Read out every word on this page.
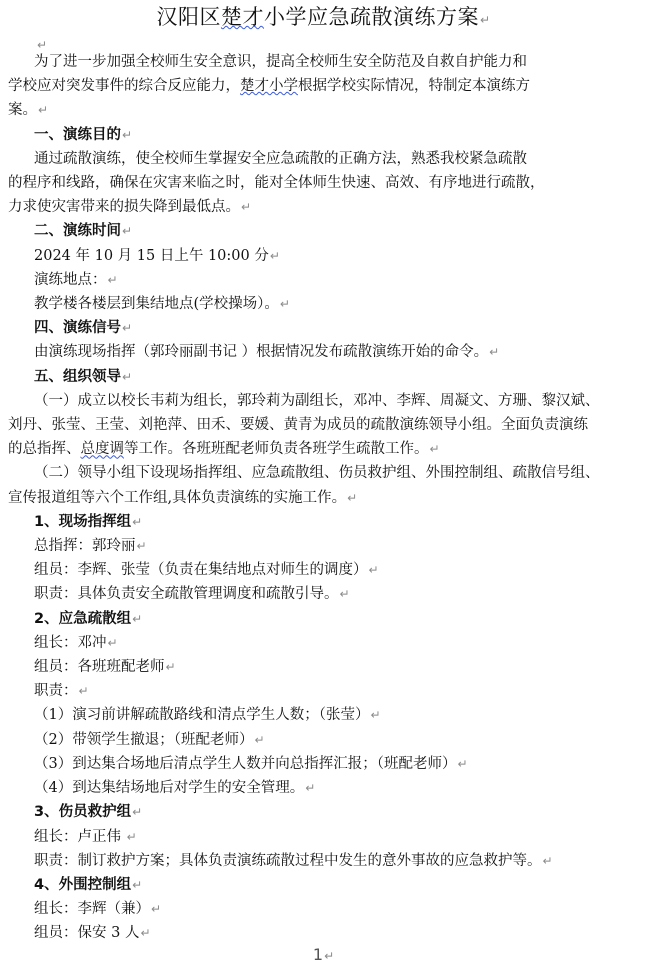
汉阳区楚才小学应急疏散演练方案↵
↵

为了进一步加强全校师生安全意识，提高全校师生安全防范及自救自护能力和

学校应对突发事件的综合反应能力，楚才小学根据学校实际情况，特制定本演练方

案。↵

一、演练目的↵

通过疏散演练，使全校师生掌握安全应急疏散的正确方法，熟悉我校紧急疏散

的程序和线路，确保在灾害来临之时，能对全体师生快速、高效、有序地进行疏散，

力求使灾害带来的损失降到最低点。↵

二、演练时间↵

2024 年 10 月 15 日上午 10:00 分↵

演练地点：↵

教学楼各楼层到集结地点(学校操场）。↵

四、演练信号↵

由演练现场指挥（郭玲丽副书记 ）根据情况发布疏散演练开始的命令。↵

五、组织领导↵

（一）成立以校长韦莉为组长，郭玲莉为副组长，邓冲、李辉、周凝文、方珊、黎汉斌、

刘丹、张莹、王莹、刘艳萍、田禾、要媛、黄青为成员的疏散演练领导小组。全面负责演练

的总指挥、总度调等工作。各班班配老师负责各班学生疏散工作。↵

（二）领导小组下设现场指挥组、应急疏散组、伤员救护组、外围控制组、疏散信号组、

宣传报道组等六个工作组,具体负责演练的实施工作。↵

1、现场指挥组↵

总指挥：郭玲丽↵

组员：李辉、张莹（负责在集结地点对师生的调度）↵

职责：具体负责安全疏散管理调度和疏散引导。↵

2、应急疏散组↵

组长：邓冲↵

组员：各班班配老师↵

职责：↵

（1）演习前讲解疏散路线和清点学生人数；（张莹）↵

（2）带领学生撤退；（班配老师）↵

（3）到达集合场地后清点学生人数并向总指挥汇报；（班配老师）↵

（4）到达集结场地后对学生的安全管理。↵

3、伤员救护组↵

组长：卢正伟 ↵

职责：制订救护方案；具体负责演练疏散过程中发生的意外事故的应急救护等。↵

4、外围控制组↵

组长：李辉（兼）↵

组员：保安 3 人↵

1↵
